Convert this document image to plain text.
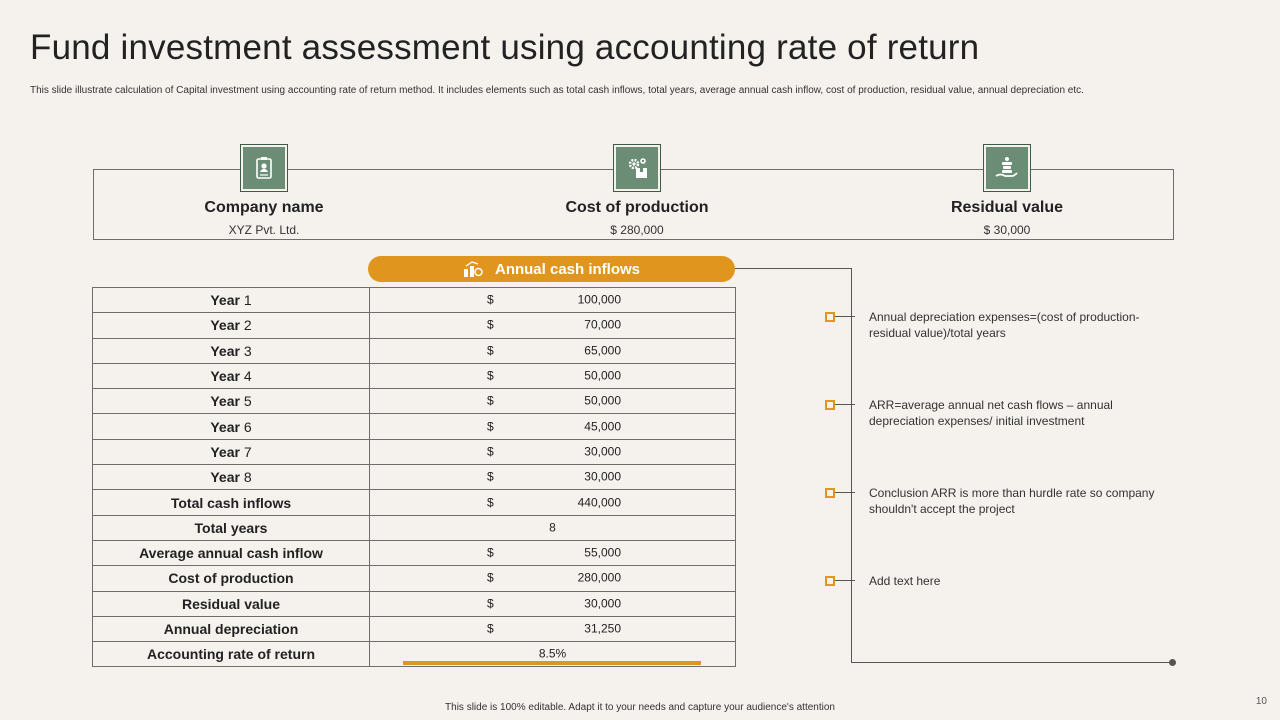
Fund investment assessment using accounting rate of return
This slide illustrate calculation of Capital investment using accounting rate of return method. It includes elements such as total cash inflows, total years, average annual cash inflow, cost of production, residual value, annual depreciation etc.
Company name
XYZ Pvt. Ltd.
Cost of production
$ 280,000
Residual value
$ 30,000
Annual cash inflows
Year 1	$ 100,000

Year 2	$ 70,000

Year 3	$ 65,000

Year 4	$ 50,000

Year 5	$ 50,000

Year 6	$ 45,000

Year 7	$ 30,000

Year 8	$ 30,000

Total cash inflows	$ 440,000

Total years	8

Average annual cash inflow	$ 55,000

Cost of production	$ 280,000

Residual value	$ 30,000

Annual depreciation	$ 31,250

Accounting rate of return	8.5%
Annual depreciation expenses=(cost of production-residual value)/total years
ARR=average annual net cash flows – annual depreciation expenses/ initial investment
Conclusion ARR is more than hurdle rate so company shouldn't accept the project
Add text here
This slide is 100% editable. Adapt it to your needs and capture your audience's attention
10
